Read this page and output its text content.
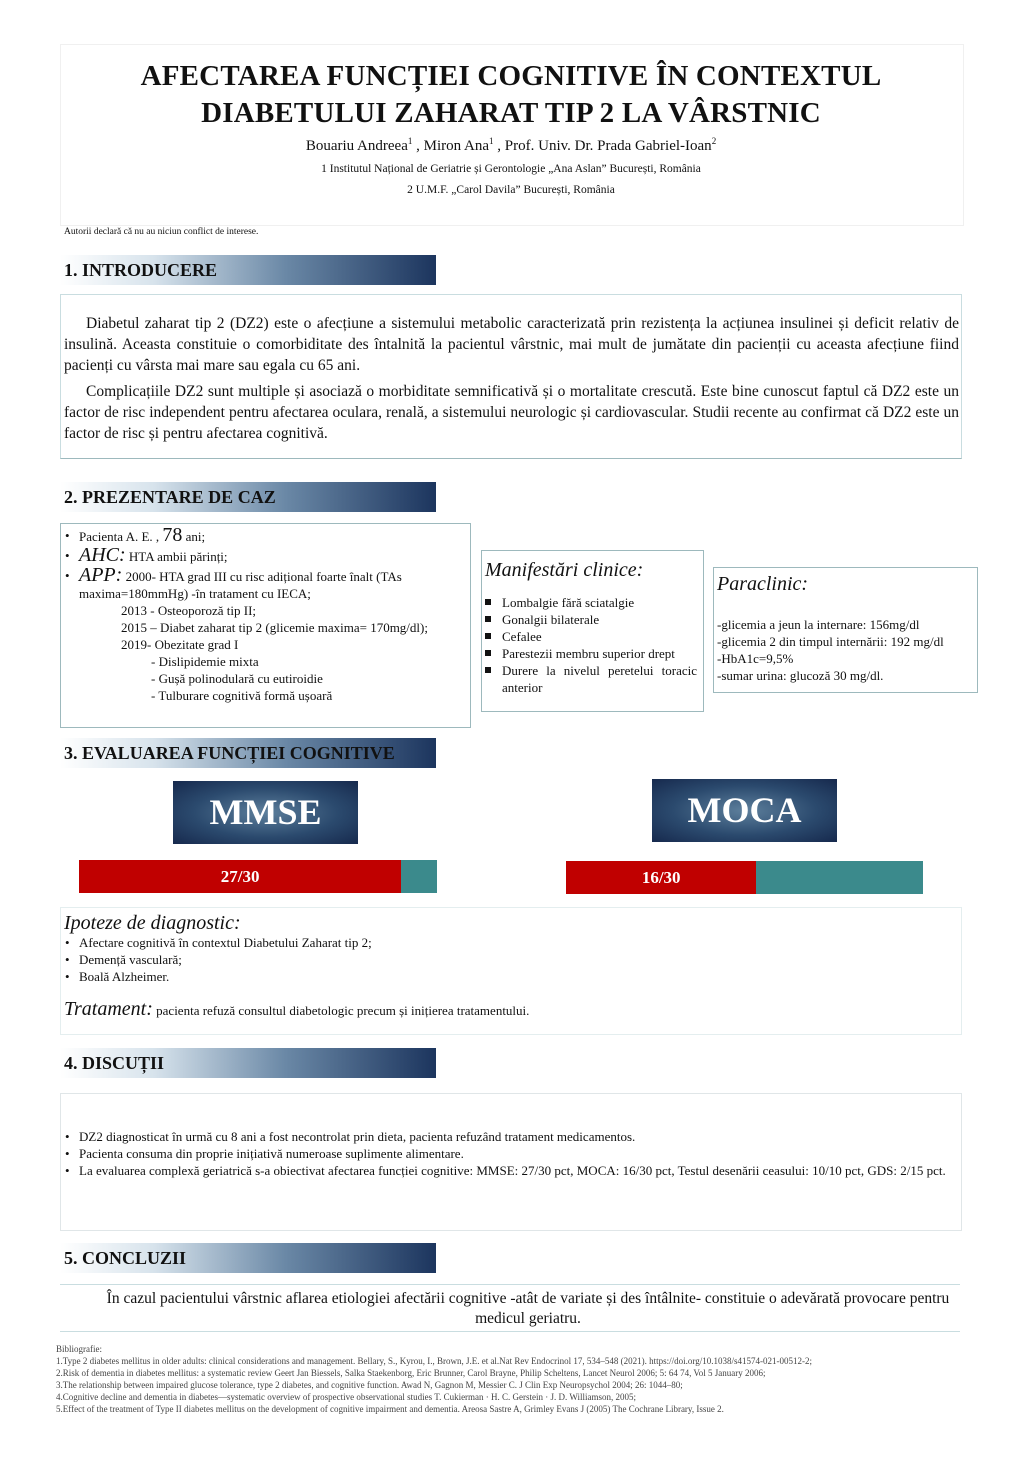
AFECTAREA FUNCȚIEI COGNITIVE ÎN CONTEXTUL
DIABETULUI ZAHARAT TIP 2 LA VÂRSTNIC
Bouariu Andreea$^1$ , Miron Ana$^1$ , Prof. Univ. Dr. Prada Gabriel-Ioan$^2$
1 Institutul Național de Geriatrie și Gerontologie „Ana Aslan” București, România
2 U.M.F. „Carol Davila” București, România
Autorii declară că nu au niciun conflict de interese.
1. INTRODUCERE

Diabetul zaharat tip 2 (DZ2) este o afecțiune a sistemului metabolic caracterizată prin rezistența la acțiunea insulinei și deficit relativ de insulină. Aceasta constituie o comorbiditate des întalnită la pacientul vârstnic, mai mult de jumătate din pacienții cu aceasta afecțiune fiind pacienți cu vârsta mai mare sau egala cu 65 ani.

Complicațiile DZ2 sunt multiple și asociază o morbiditate semnificativă și o mortalitate crescută. Este bine cunoscut faptul că DZ2 este un factor de risc independent pentru afectarea oculara, renală, a sistemului neurologic și cardiovascular. Studii recente au confirmat că DZ2 este un factor de risc și pentru afectarea cognitivă.

2. PREZENTARE DE CAZ
• Pacienta A. E. , 78 ani;
• AHC: HTA ambii părinți;
• APP: 2000- HTA grad III cu risc adițional foarte înalt (TAs maxima=180mmHg) -în tratament cu IECA;
2013 - Osteoporoză tip II;
2015 – Diabet zaharat tip 2 (glicemie maxima= 170mg/dl);
2019- Obezitate grad I
- Dislipidemie mixta
- Gușă polinodulară cu eutiroidie
- Tulburare cognitivă formă ușoară
Manifestări clinice:
Lombalgie fără sciatalgie
Gonalgii bilaterale
Cefalee
Parestezii membru superior drept
Durere la nivelul peretelui toracic anterior
Paraclinic:
-glicemia a jeun la internare: 156mg/dl
-glicemia 2 din timpul internării: 192 mg/dl
-HbA1c=9,5%
-sumar urina: glucoză 30 mg/dl.
3. EVALUAREA FUNCȚIEI COGNITIVE
MMSE	MOCA
27/30	16/30
Ipoteze de diagnostic:
• Afectare cognitivă în contextul Diabetului Zaharat tip 2;
• Demență vasculară;
• Boală Alzheimer.
Tratament: pacienta refuză consultul diabetologic precum și inițierea tratamentului.
4. DISCUȚII
• DZ2 diagnosticat în urmă cu 8 ani a fost necontrolat prin dieta, pacienta refuzând tratament medicamentos.
• Pacienta consuma din proprie inițiativă numeroase suplimente alimentare.
• La evaluarea complexă geriatrică s-a obiectivat afectarea funcției cognitive: MMSE: 27/30 pct, MOCA: 16/30 pct, Testul desenării ceasului: 10/10 pct, GDS: 2/15 pct.
5. CONCLUZII
În cazul pacientului vârstnic aflarea etiologiei afectării cognitive -atât de variate și des întâlnite- constituie o adevărată provocare pentru medicul geriatru.
Bibliografie:
1.Type 2 diabetes mellitus in older adults: clinical considerations and management. Bellary, S., Kyrou, I., Brown, J.E. et al.Nat Rev Endocrinol 17, 534–548 (2021). https://doi.org/10.1038/s41574-021-00512-2;
2.Risk of dementia in diabetes mellitus: a systematic review Geert Jan Biessels, Salka Staekenborg, Eric Brunner, Carol Brayne, Philip Scheltens, Lancet Neurol 2006; 5: 64 74, Vol 5 January 2006;
3.The relationship between impaired glucose tolerance, type 2 diabetes, and cognitive function. Awad N, Gagnon M, Messier C. J Clin Exp Neuropsychol 2004; 26: 1044–80;
4.Cognitive decline and dementia in diabetes—systematic overview of prospective observational studies T. Cukierman · H. C. Gerstein · J. D. Williamson, 2005;
5.Effect of the treatment of Type II diabetes mellitus on the development of cognitive impairment and dementia. Areosa Sastre A, Grimley Evans J (2005) The Cochrane Library, Issue 2.
